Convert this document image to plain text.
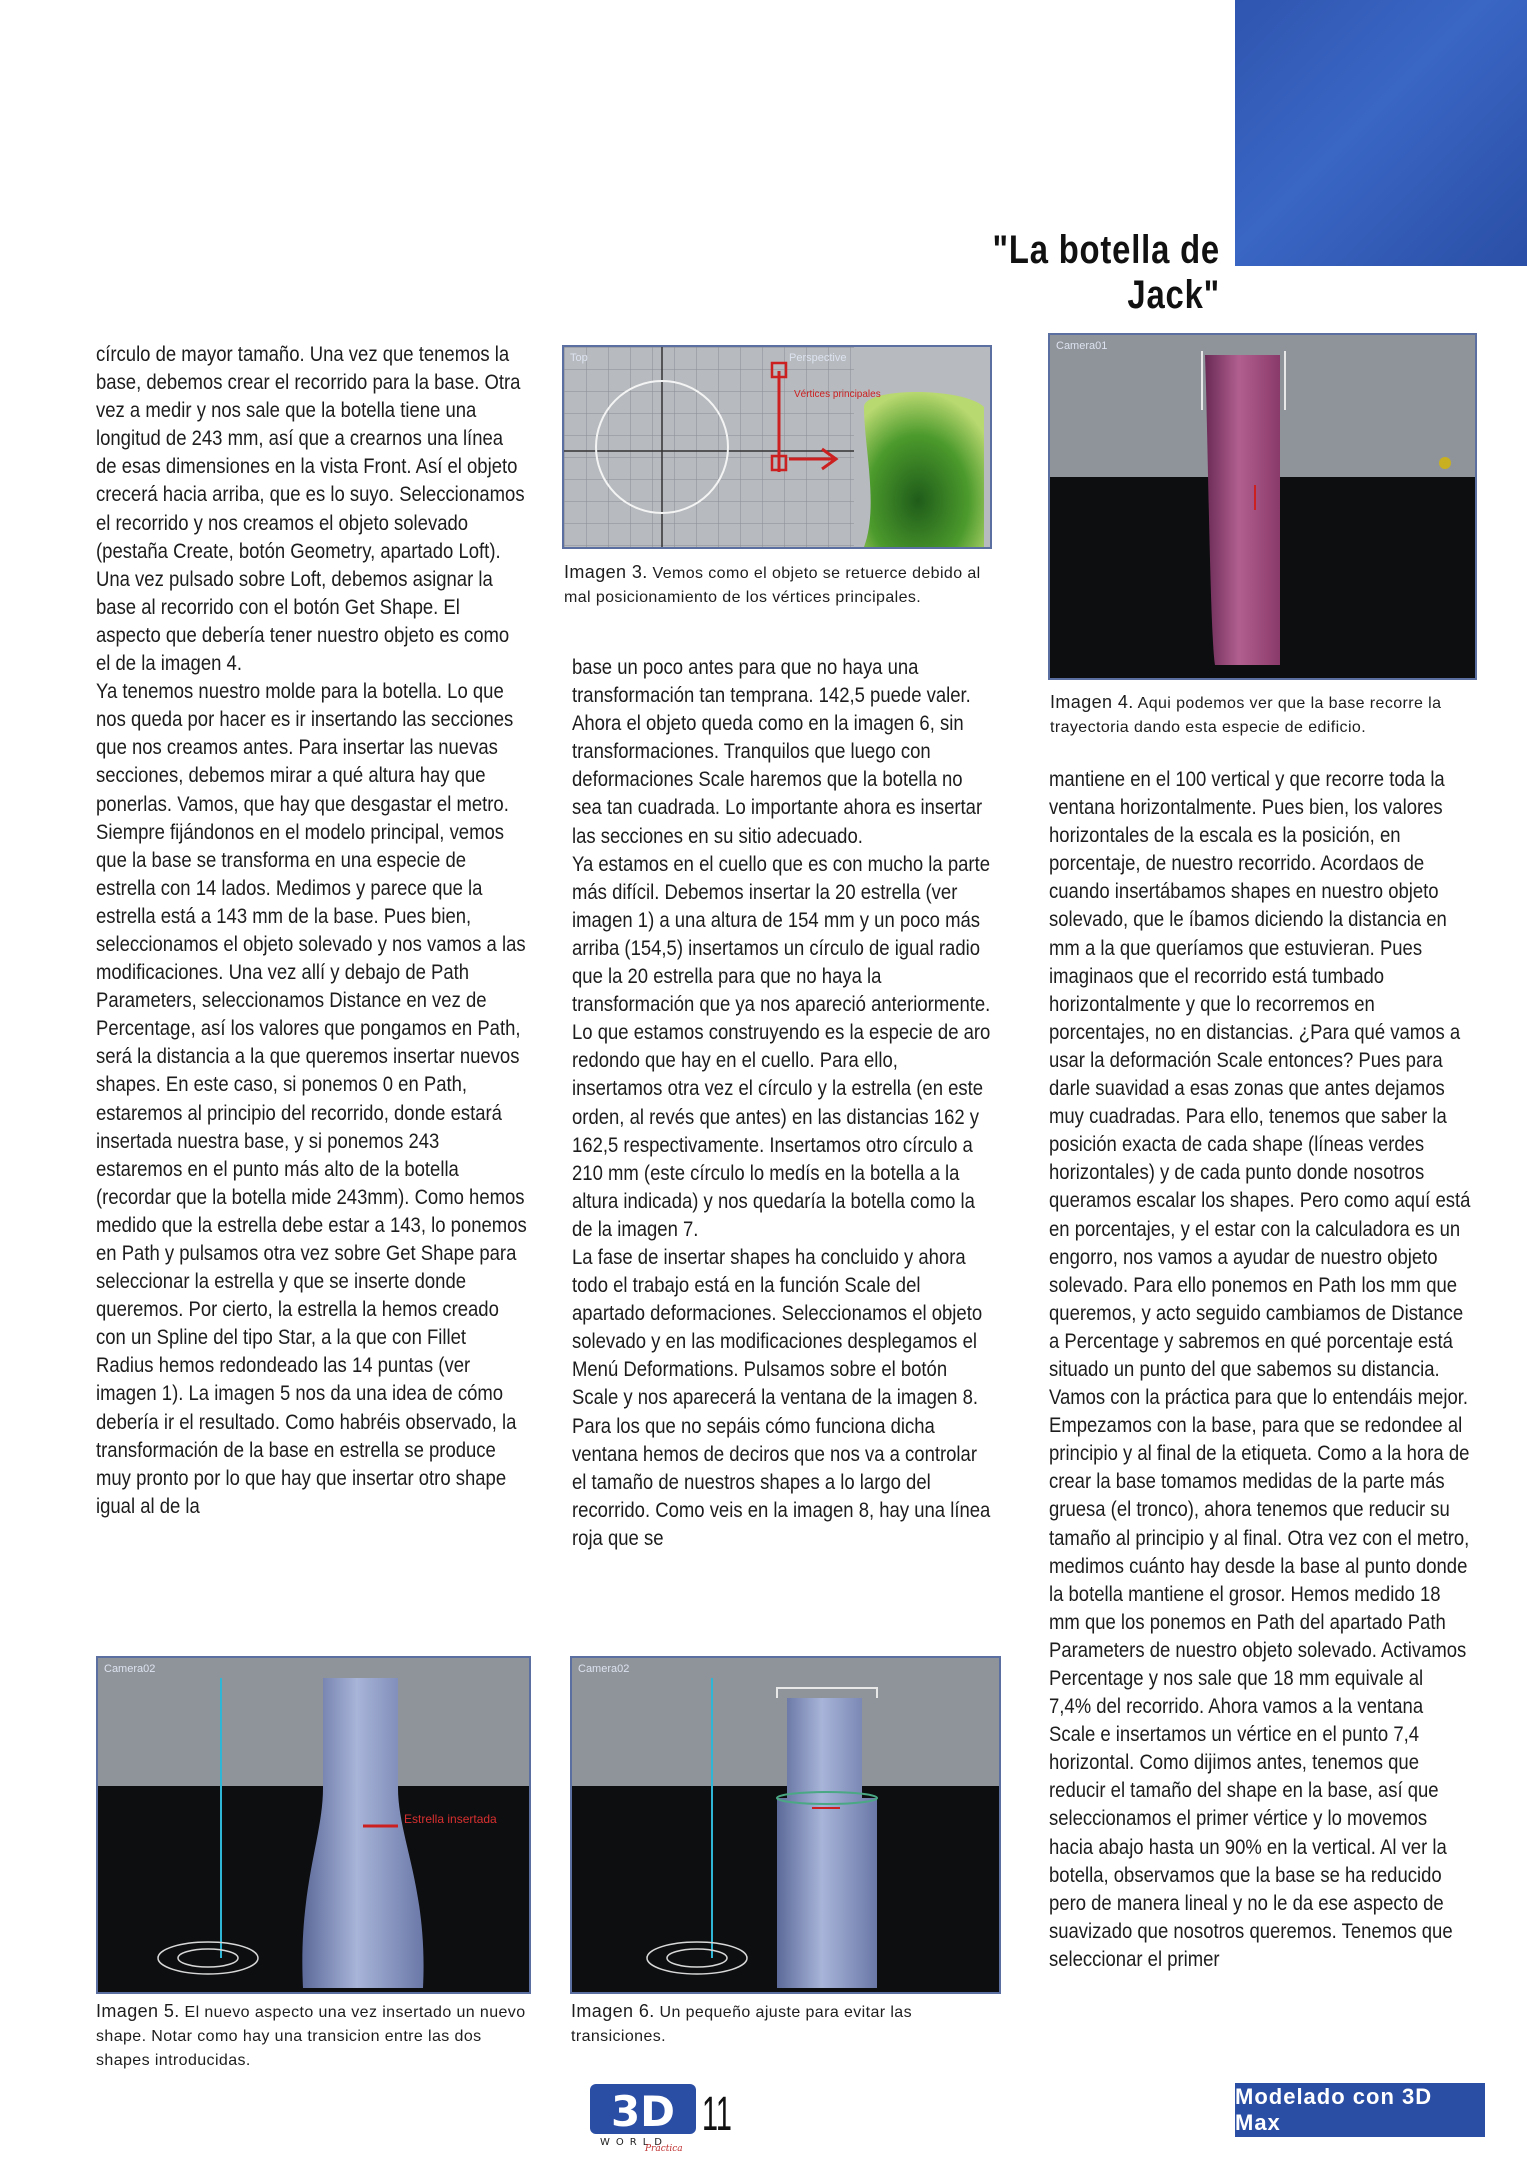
"La botella de Jack"

círculo de mayor tamaño. Una vez que tenemos la base, debemos crear el recorrido para la base. Otra vez a medir y nos sale que la botella tiene una longitud de 243 mm, así que a crearnos una línea de esas dimensiones en la vista Front. Así el objeto crecerá hacia arriba, que es lo suyo. Seleccionamos el recorrido y nos creamos el objeto solevado (pestaña Create, botón Geometry, apartado Loft). Una vez pulsado sobre Loft, debemos asignar la base al recorrido con el botón Get Shape. El aspecto que debería tener nuestro objeto es como el de la imagen 4.

Ya tenemos nuestro molde para la botella. Lo que nos queda por hacer es ir insertando las secciones que nos creamos antes. Para insertar las nuevas secciones, debemos mirar a qué altura hay que ponerlas. Vamos, que hay que desgastar el metro. Siempre fijándonos en el modelo principal, vemos que la base se transforma en una especie de estrella con 14 lados. Medimos y parece que la estrella está a 143 mm de la base. Pues bien, seleccionamos el objeto solevado y nos vamos a las modificaciones. Una vez allí y debajo de Path Parameters, seleccionamos Distance en vez de Percentage, así los valores que pongamos en Path, será la distancia a la que queremos insertar nuevos shapes. En este caso, si ponemos 0 en Path, estaremos al principio del recorrido, donde estará insertada nuestra base, y si ponemos 243 estaremos en el punto más alto de la botella (recordar que la botella mide 243mm). Como hemos medido que la estrella debe estar a 143, lo ponemos en Path y pulsamos otra vez sobre Get Shape para seleccionar la estrella y que se inserte donde queremos. Por cierto, la estrella la hemos creado con un Spline del tipo Star, a la que con Fillet Radius hemos redondeado las 14 puntas (ver imagen 1). La imagen 5 nos da una idea de cómo debería ir el resultado. Como habréis observado, la transformación de la base en estrella se produce muy pronto por lo que hay que insertar otro shape igual al de la

base un poco antes para que no haya una transformación tan temprana. 142,5 puede valer. Ahora el objeto queda como en la imagen 6, sin transformaciones. Tranquilos que luego con deformaciones Scale haremos que la botella no sea tan cuadrada. Lo importante ahora es insertar las secciones en su sitio adecuado.

Ya estamos en el cuello que es con mucho la parte más difícil. Debemos insertar la 20 estrella (ver imagen 1) a una altura de 154 mm y un poco más arriba (154,5) insertamos un círculo de igual radio que la 20 estrella para que no haya la transformación que ya nos apareció anteriormente. Lo que estamos construyendo es la especie de aro redondo que hay en el cuello. Para ello, insertamos otra vez el círculo y la estrella (en este orden, al revés que antes) en las distancias 162 y 162,5 respectivamente. Insertamos otro círculo a 210 mm (este círculo lo medís en la botella a la altura indicada) y nos quedaría la botella como la de la imagen 7.

La fase de insertar shapes ha concluido y ahora todo el trabajo está en la función Scale del apartado deformaciones. Seleccionamos el objeto solevado y en las modificaciones desplegamos el Menú Deformations. Pulsamos sobre el botón Scale y nos aparecerá la ventana de la imagen 8. Para los que no sepáis cómo funciona dicha ventana hemos de deciros que nos va a controlar el tamaño de nuestros shapes a lo largo del recorrido. Como veis en la imagen 8, hay una línea roja que se

mantiene en el 100 vertical y que recorre toda la ventana horizontalmente. Pues bien, los valores horizontales de la escala es la posición, en porcentaje, de nuestro recorrido. Acordaos de cuando insertábamos shapes en nuestro objeto solevado, que le íbamos diciendo la distancia en mm a la que queríamos que estuvieran. Pues imaginaos que el recorrido está tumbado horizontalmente y que lo recorremos en porcentajes, no en distancias. ¿Para qué vamos a usar la deformación Scale entonces? Pues para darle suavidad a esas zonas que antes dejamos muy cuadradas. Para ello, tenemos que saber la posición exacta de cada shape (líneas verdes horizontales) y de cada punto donde nosotros queramos escalar los shapes. Pero como aquí está en porcentajes, y el estar con la calculadora es un engorro, nos vamos a ayudar de nuestro objeto solevado. Para ello ponemos en Path los mm que queremos, y acto seguido cambiamos de Distance a Percentage y sabremos en qué porcentaje está situado un punto del que sabemos su distancia. Vamos con la práctica para que lo entendáis mejor.

Empezamos con la base, para que se redondee al principio y al final de la etiqueta. Como a la hora de crear la base tomamos medidas de la parte más gruesa (el tronco), ahora tenemos que reducir su tamaño al principio y al final. Otra vez con el metro, medimos cuánto hay desde la base al punto donde la botella mantiene el grosor. Hemos medido 18 mm que los ponemos en Path del apartado Path Parameters de nuestro objeto solevado. Activamos Percentage y nos sale que 18 mm equivale al 7,4% del recorrido. Ahora vamos a la ventana Scale e insertamos un vértice en el punto 7,4 horizontal. Como dijimos antes, tenemos que reducir el tamaño del shape en la base, así que seleccionamos el primer vértice y lo movemos hacia abajo hasta un 90% en la vertical. Al ver la botella, observamos que la base se ha reducido pero de manera lineal y no le da ese aspecto de suavizado que nosotros queremos. Tenemos que seleccionar el primer

Top	Perspective
Vértices principales
Imagen 3. Vemos como el objeto se retuerce debido al mal posicionamiento de los vértices principales.
Camera01
Imagen 4. Aqui podemos ver que la base recorre la trayectoria dando esta especie de edificio.
Estrella insertada
Camera02
Imagen 5. El nuevo aspecto una vez insertado un nuevo shape. Notar como hay una transicion entre las dos shapes introducidas.
Camera02
Imagen 6. Un pequeño ajuste para evitar las transiciones.
3D
WORLD
Práctica
11	Modelado con 3D Max
